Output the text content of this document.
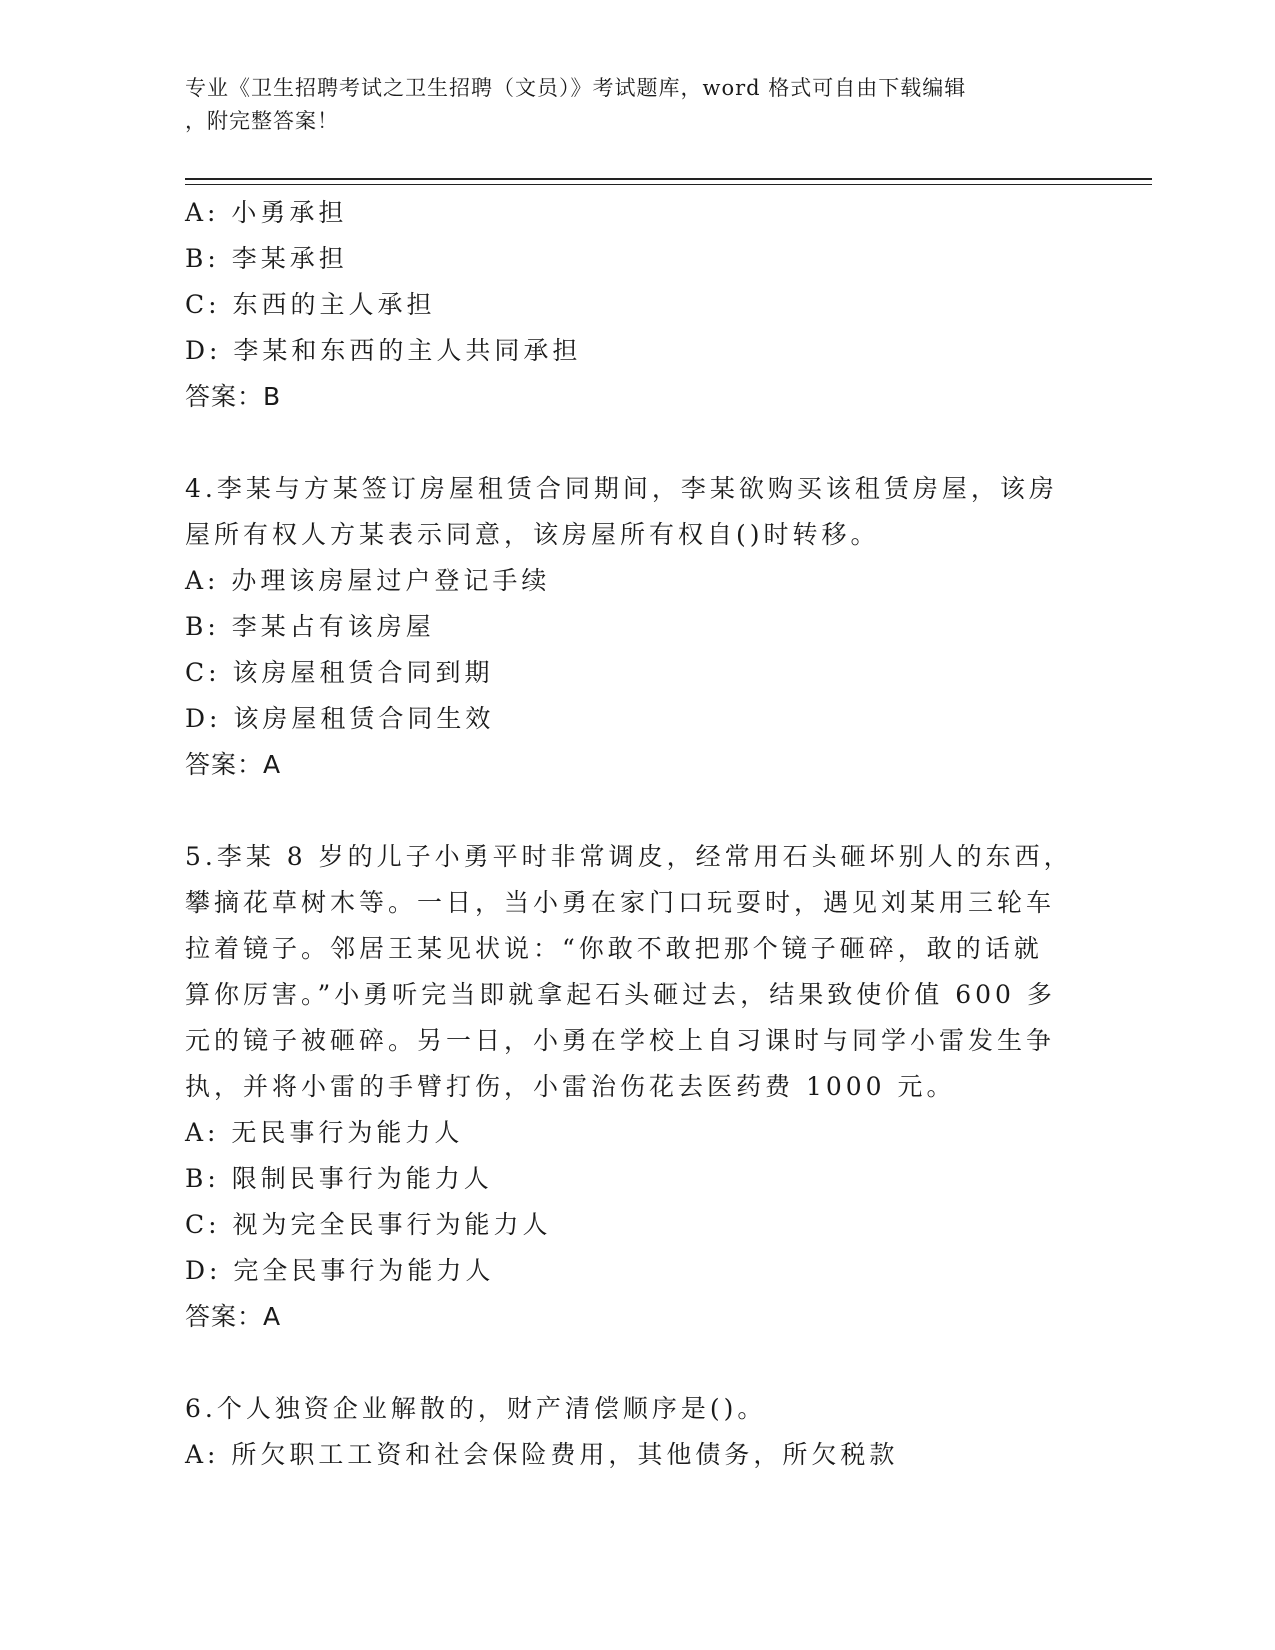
专业《卫生招聘考试之卫生招聘（文员）》考试题库，word 格式可自由下载编辑
，附完整答案！
A: 小勇承担
B: 李某承担
C: 东西的主人承担
D: 李某和东西的主人共同承担
答案：B
4.李某与方某签订房屋租赁合同期间，李某欲购买该租赁房屋，该房
屋所有权人方某表示同意，该房屋所有权自()时转移。
A: 办理该房屋过户登记手续
B: 李某占有该房屋
C: 该房屋租赁合同到期
D: 该房屋租赁合同生效
答案：A
5.李某 8 岁的儿子小勇平时非常调皮，经常用石头砸坏别人的东西，
攀摘花草树木等。一日，当小勇在家门口玩耍时，遇见刘某用三轮车
拉着镜子。邻居王某见状说：“你敢不敢把那个镜子砸碎，敢的话就
算你厉害。”小勇听完当即就拿起石头砸过去，结果致使价值 600 多
元的镜子被砸碎。另一日，小勇在学校上自习课时与同学小雷发生争
执，并将小雷的手臂打伤，小雷治伤花去医药费 1000 元。
A: 无民事行为能力人
B: 限制民事行为能力人
C: 视为完全民事行为能力人
D: 完全民事行为能力人
答案：A
6.个人独资企业解散的，财产清偿顺序是()。
A: 所欠职工工资和社会保险费用，其他债务，所欠税款
